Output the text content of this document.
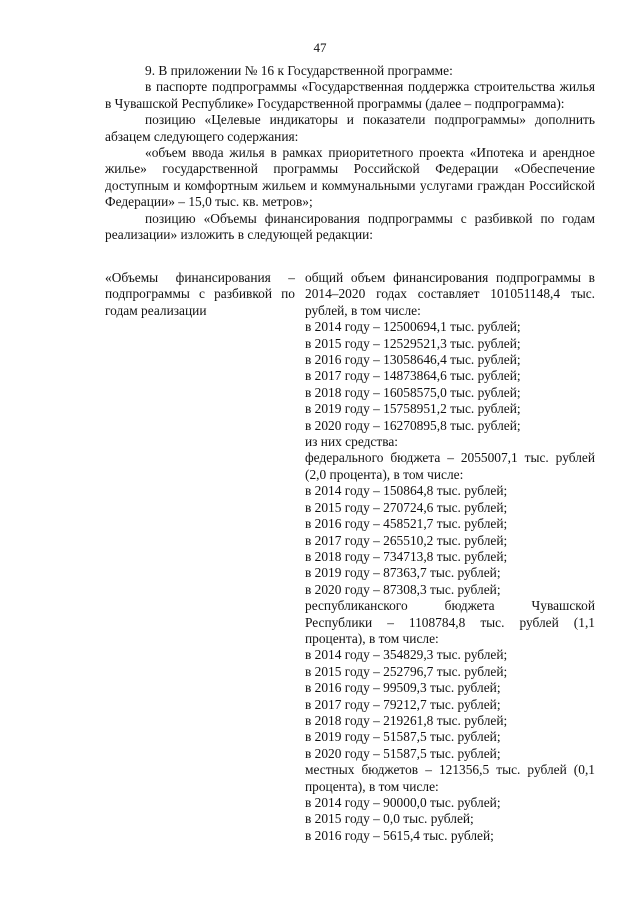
47

9. В приложении № 16 к Государственной программе:

в паспорте подпрограммы «Государственная поддержка строительства жилья в Чувашской Республике» Государственной программы (далее – подпрограмма):

позицию «Целевые индикаторы и показатели подпрограммы» дополнить абзацем следующего содержания:

«объем ввода жилья в рамках приоритетного проекта «Ипотека и арендное жилье» государственной программы Российской Федерации «Обеспечение доступным и комфортным жильем и коммунальными услугами граждан Российской Федерации» – 15,0 тыс. кв. метров»;

позицию «Объемы финансирования подпрограммы с разбивкой по годам реализации» изложить в следующей редакции:

«Объемы финансирования – подпрограммы с разбивкой по годам реализации
общий объем финансирования подпрограммы в 2014–2020 годах составляет 101051148,4 тыс. рублей, в том числе:
в 2014 году – 12500694,1 тыс. рублей;
в 2015 году – 12529521,3 тыс. рублей;
в 2016 году – 13058646,4 тыс. рублей;
в 2017 году – 14873864,6 тыс. рублей;
в 2018 году – 16058575,0 тыс. рублей;
в 2019 году – 15758951,2 тыс. рублей;
в 2020 году – 16270895,8 тыс. рублей;
из них средства:
федерального бюджета – 2055007,1 тыс. рублей (2,0 процента), в том числе:
в 2014 году – 150864,8 тыс. рублей;
в 2015 году – 270724,6 тыс. рублей;
в 2016 году – 458521,7 тыс. рублей;
в 2017 году – 265510,2 тыс. рублей;
в 2018 году – 734713,8 тыс. рублей;
в 2019 году – 87363,7 тыс. рублей;
в 2020 году – 87308,3 тыс. рублей;
республиканского бюджета Чувашской Республики – 1108784,8 тыс. рублей (1,1 процента), в том числе:
в 2014 году – 354829,3 тыс. рублей;
в 2015 году – 252796,7 тыс. рублей;
в 2016 году – 99509,3 тыс. рублей;
в 2017 году – 79212,7 тыс. рублей;
в 2018 году – 219261,8 тыс. рублей;
в 2019 году – 51587,5 тыс. рублей;
в 2020 году – 51587,5 тыс. рублей;
местных бюджетов – 121356,5 тыс. рублей (0,1 процента), в том числе:
в 2014 году – 90000,0 тыс. рублей;
в 2015 году – 0,0 тыс. рублей;
в 2016 году – 5615,4 тыс. рублей;
